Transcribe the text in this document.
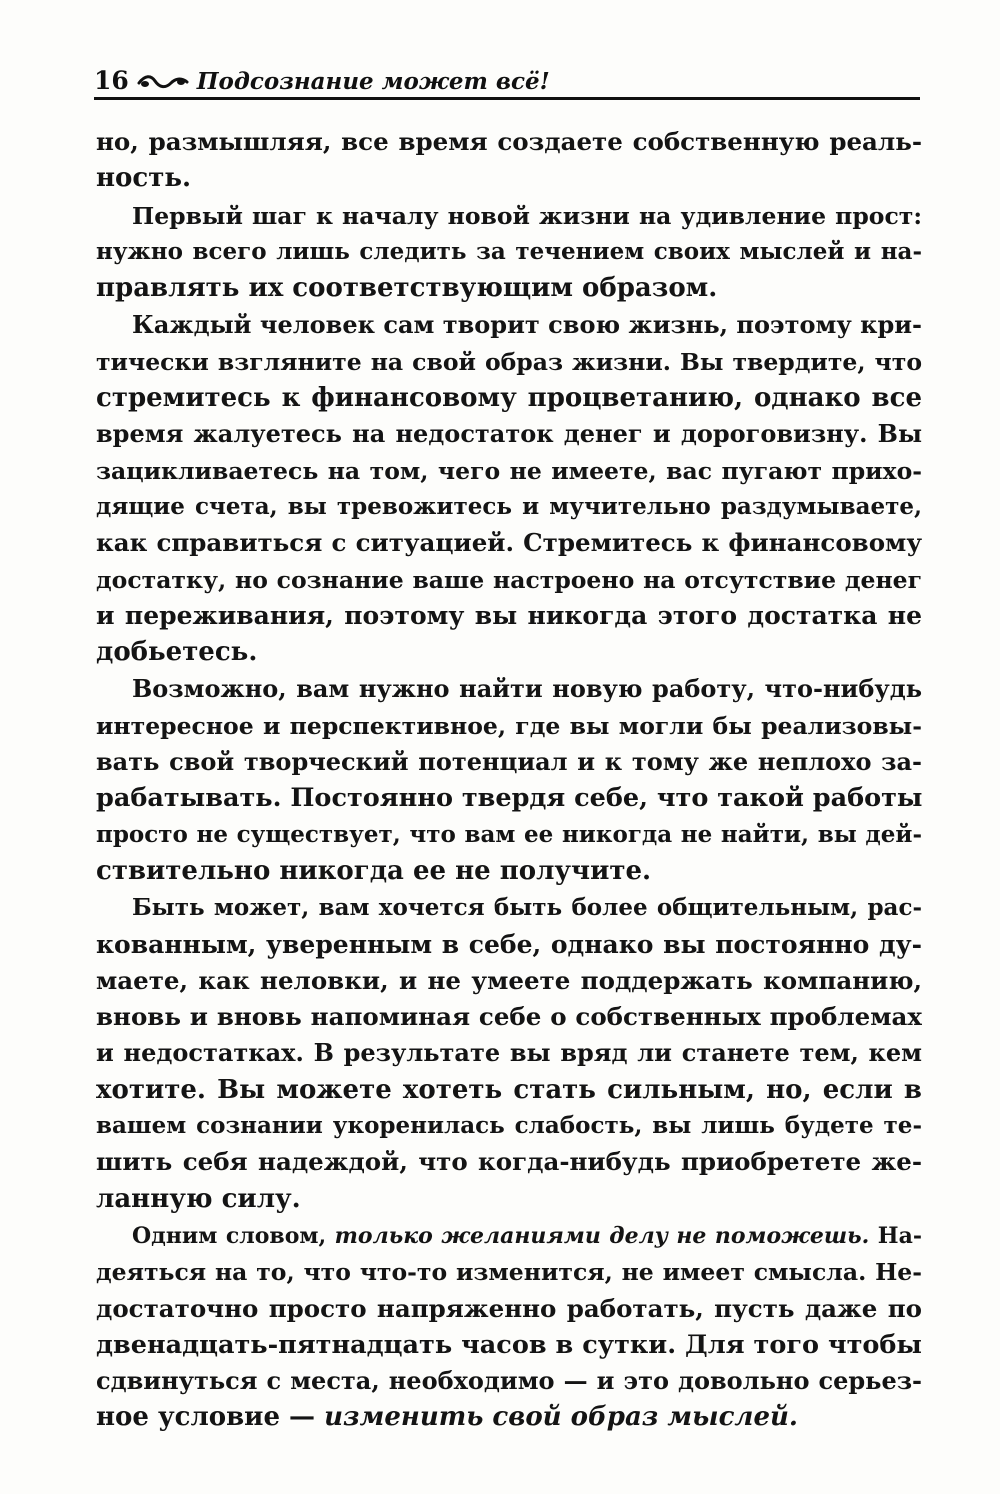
16	Подсознание может всё!
но, размышляя, все время создаете собственную реаль-
ность.
Первый шаг к началу новой жизни на удивление прост:
нужно всего лишь следить за течением своих мыслей и на-
правлять их соответствующим образом.
Каждый человек сам творит свою жизнь, поэтому кри-
тически взгляните на свой образ жизни. Вы твердите, что
стремитесь к финансовому процветанию, однако все
время жалуетесь на недостаток денег и дороговизну. Вы
зацикливаетесь на том, чего не имеете, вас пугают прихо-
дящие счета, вы тревожитесь и мучительно раздумываете,
как справиться с ситуацией. Стремитесь к финансовому
достатку, но сознание ваше настроено на отсутствие денег
и переживания, поэтому вы никогда этого достатка не
добьетесь.
Возможно, вам нужно найти новую работу, что-нибудь
интересное и перспективное, где вы могли бы реализовы-
вать свой творческий потенциал и к тому же неплохо за-
рабатывать. Постоянно твердя себе, что такой работы
просто не существует, что вам ее никогда не найти, вы дей-
ствительно никогда ее не получите.
Быть может, вам хочется быть более общительным, рас-
кованным, уверенным в себе, однако вы постоянно ду-
маете, как неловки, и не умеете поддержать компанию,
вновь и вновь напоминая себе о собственных проблемах
и недостатках. В результате вы вряд ли станете тем, кем
хотите. Вы можете хотеть стать сильным, но, если в
вашем сознании укоренилась слабость, вы лишь будете те-
шить себя надеждой, что когда-нибудь приобретете же-
ланную силу.
Одним словом, только желаниями делу не поможешь. На-
деяться на то, что что-то изменится, не имеет смысла. Не-
достаточно просто напряженно работать, пусть даже по
двенадцать-пятнадцать часов в сутки. Для того чтобы
сдвинуться с места, необходимо — и это довольно серьез-
ное условие — изменить свой образ мыслей.
